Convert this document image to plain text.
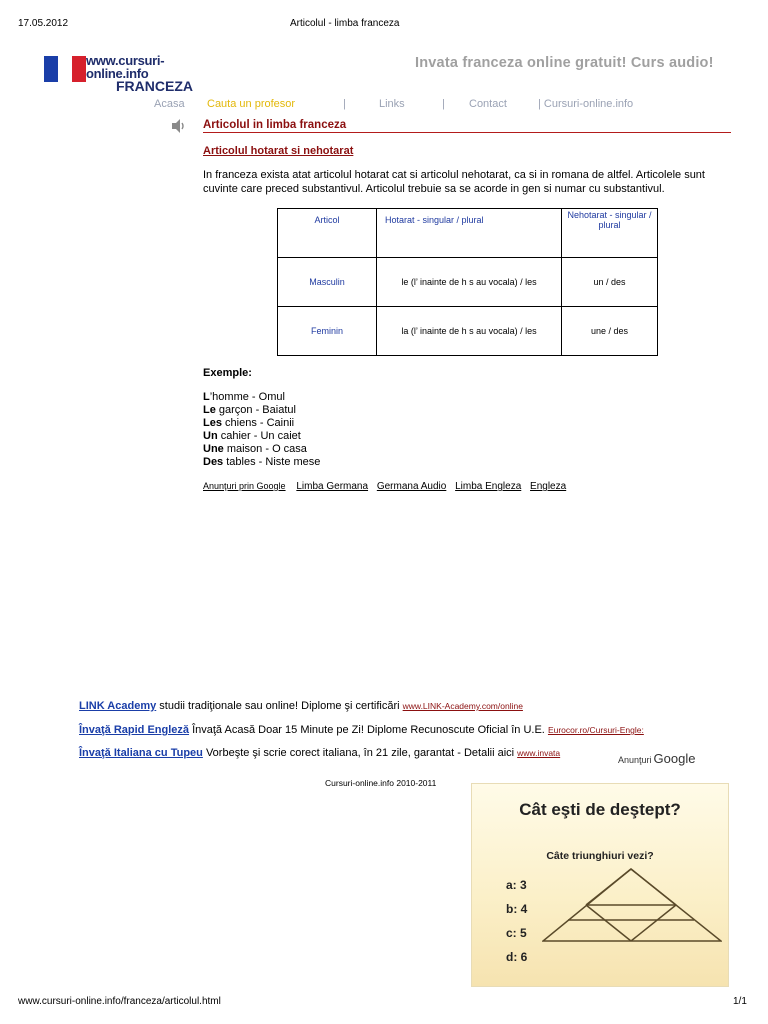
17.05.2012	Articolul - limba franceza
www.cursuri-online.info
FRANCEZA
Invata franceza online gratuit! Curs audio!
Acasa Cauta un profesor	|	Links	| Contact	| Cursuri-online.info
Articolul in limba franceza
Articolul hotarat si nehotarat
In franceza exista atat articolul hotarat cat si articolul nehotarat, ca si in romana de altfel. Articolele sunt cuvinte care preced substantivul. Articolul trebuie sa se acorde in gen si numar cu substantivul.
Articol	Hotarat - singular / plural	Nehotarat - singular / plural
Masculin	le (l’ inainte de h s au vocala) / les	un / des
Feminin	la (l’ inainte de h s au vocala) / les	une / des
Exemple:
L’homme - Omul
Le garçon - Baiatul
Les chiens - Cainii
Un cahier - Un caiet
Une maison - O casa
Des tables - Niste mese
Anunţuri prin Google Limba Germana Germana Audio Limba Engleza Engleza
LINK Academy studii tradiţionale sau online! Diplome şi certificări www.LINK-Academy.com/online
Învaţă Rapid Engleză Învaţă Acasă Doar 15 Minute pe Zi! Diplome Recunoscute Oficial în U.E. Eurocor.ro/Cursuri-Engle:
Învaţă Italiana cu Tupeu Vorbeşte şi scrie corect italiana, în 21 zile, garantat - Detalii aici www.invata
Anunţuri Google
Cursuri-online.info 2010-2011
Cât eşti de deştept?
Câte triunghiuri vezi?
a: 3
b: 4
c: 5
d: 6
www.cursuri-online.info/franceza/articolul.html	1/1
